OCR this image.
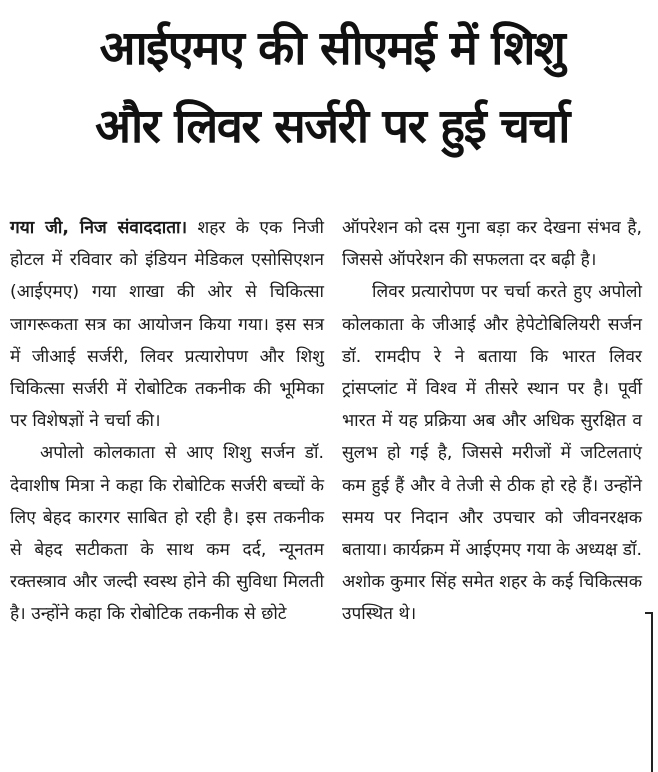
आईएमए की सीएमई में शिशु
और लिवर सर्जरी पर हुई चर्चा

गया जी, निज संवाददाता। शहर के एक निजी होटल में रविवार को इंडियन मेडिकल एसोसिएशन (आईएमए) गया शाखा की ओर से चिकित्सा जागरूकता सत्र का आयोजन किया गया। इस सत्र में जीआई सर्जरी, लिवर प्रत्यारोपण और शिशु चिकित्सा सर्जरी में रोबोटिक तकनीक की भूमिका पर विशेषज्ञों ने चर्चा की।

अपोलो कोलकाता से आए शिशु सर्जन डॉ. देवाशीष मित्रा ने कहा कि रोबोटिक सर्जरी बच्चों के लिए बेहद कारगर साबित हो रही है। इस तकनीक से बेहद सटीकता के साथ कम दर्द, न्यूनतम रक्तस्त्राव और जल्दी स्वस्थ होने की सुविधा मिलती है। उन्होंने कहा कि रोबोटिक तकनीक से छोटे

ऑपरेशन को दस गुना बड़ा कर देखना संभव है, जिससे ऑपरेशन की सफलता दर बढ़ी है।

लिवर प्रत्यारोपण पर चर्चा करते हुए अपोलो कोलकाता के जीआई और हेपेटोबिलियरी सर्जन डॉ. रामदीप रे ने बताया कि भारत लिवर ट्रांसप्लांट में विश्व में तीसरे स्थान पर है। पूर्वी भारत में यह प्रक्रिया अब और अधिक सुरक्षित व सुलभ हो गई है, जिससे मरीजों में जटिलताएं कम हुई हैं और वे तेजी से ठीक हो रहे हैं। उन्होंने समय पर निदान और उपचार को जीवनरक्षक बताया। कार्यक्रम में आईएमए गया के अध्यक्ष डॉ. अशोक कुमार सिंह समेत शहर के कई चिकित्सक उपस्थित थे।
